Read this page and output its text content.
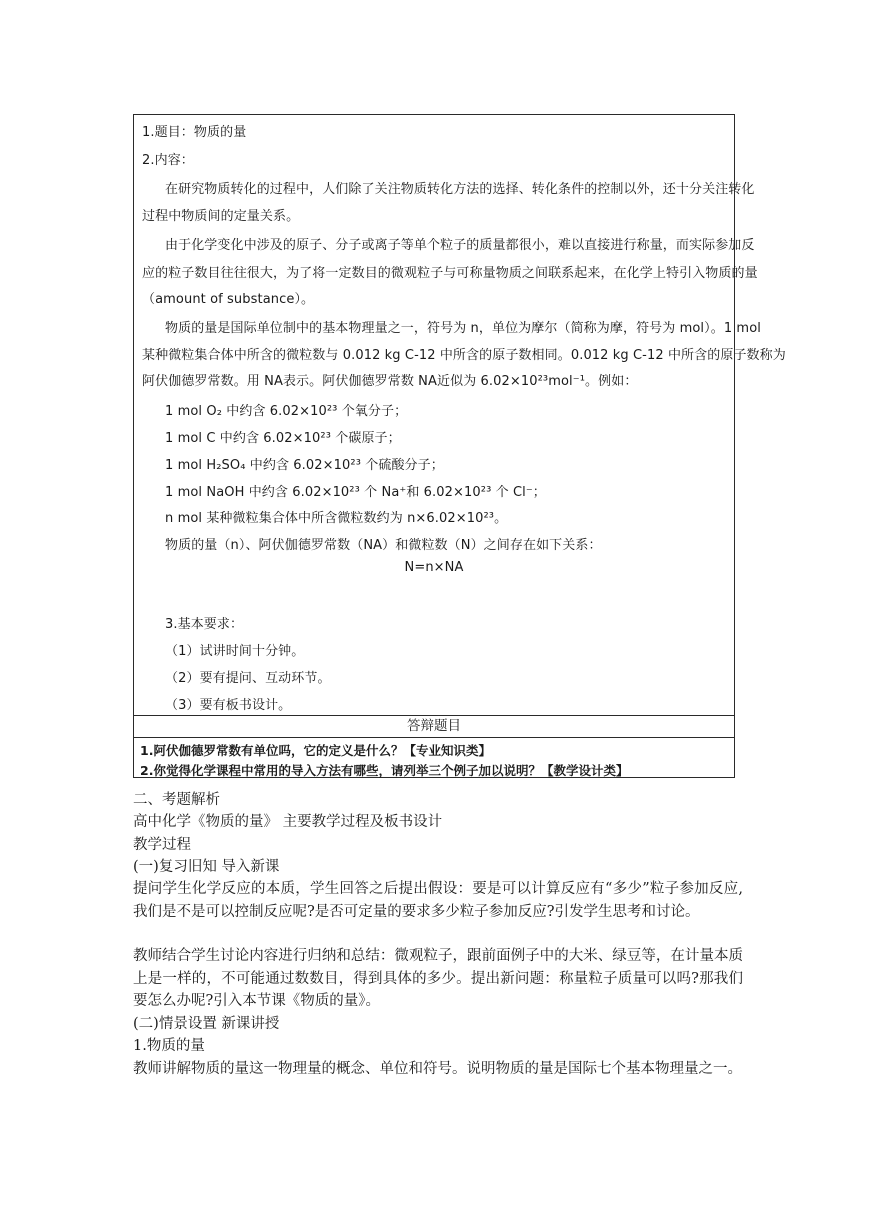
1.题目：物质的量
2.内容：
在研究物质转化的过程中，人们除了关注物质转化方法的选择、转化条件的控制以外，还十分关注转化
过程中物质间的定量关系。
由于化学变化中涉及的原子、分子或离子等单个粒子的质量都很小，难以直接进行称量，而实际参加反
应的粒子数目往往很大，为了将一定数目的微观粒子与可称量物质之间联系起来，在化学上特引入物质的量
（amount of substance）。
物质的量是国际单位制中的基本物理量之一，符号为 n，单位为摩尔（简称为摩，符号为 mol）。1 mol
某种微粒集合体中所含的微粒数与 0.012 kg C-12 中所含的原子数相同。0.012 kg C-12 中所含的原子数称为
阿伏伽德罗常数。用 NA表示。阿伏伽德罗常数 NA近似为 6.02×10²³mol⁻¹。例如：
1 mol O₂ 中约含 6.02×10²³ 个氧分子；
1 mol C 中约含 6.02×10²³ 个碳原子；
1 mol H₂SO₄ 中约含 6.02×10²³ 个硫酸分子；
1 mol NaOH 中约含 6.02×10²³ 个 Na⁺和 6.02×10²³ 个 Cl⁻；
n mol 某种微粒集合体中所含微粒数约为 n×6.02×10²³。
物质的量（n）、阿伏伽德罗常数（NA）和微粒数（N）之间存在如下关系：
N=n×NA
3.基本要求：
（1）试讲时间十分钟。
（2）要有提问、互动环节。
（3）要有板书设计。
答辩题目
1.阿伏伽德罗常数有单位吗，它的定义是什么？【专业知识类】
2.你觉得化学课程中常用的导入方法有哪些，请列举三个例子加以说明？【教学设计类】
二、考题解析
高中化学《物质的量》 主要教学过程及板书设计
教学过程
(一)复习旧知 导入新课
提问学生化学反应的本质，学生回答之后提出假设：要是可以计算反应有“多少”粒子参加反应,我们是不是可以控制反应呢?是否可定量的要求多少粒子参加反应?引发学生思考和讨论。
教师结合学生讨论内容进行归纳和总结：微观粒子，跟前面例子中的大米、绿豆等，在计量本质上是一样的，不可能通过数数目，得到具体的多少。提出新问题：称量粒子质量可以吗?那我们要怎么办呢?引入本节课《物质的量》。
(二)情景设置 新课讲授
1.物质的量
教师讲解物质的量这一物理量的概念、单位和符号。说明物质的量是国际七个基本物理量之一。
